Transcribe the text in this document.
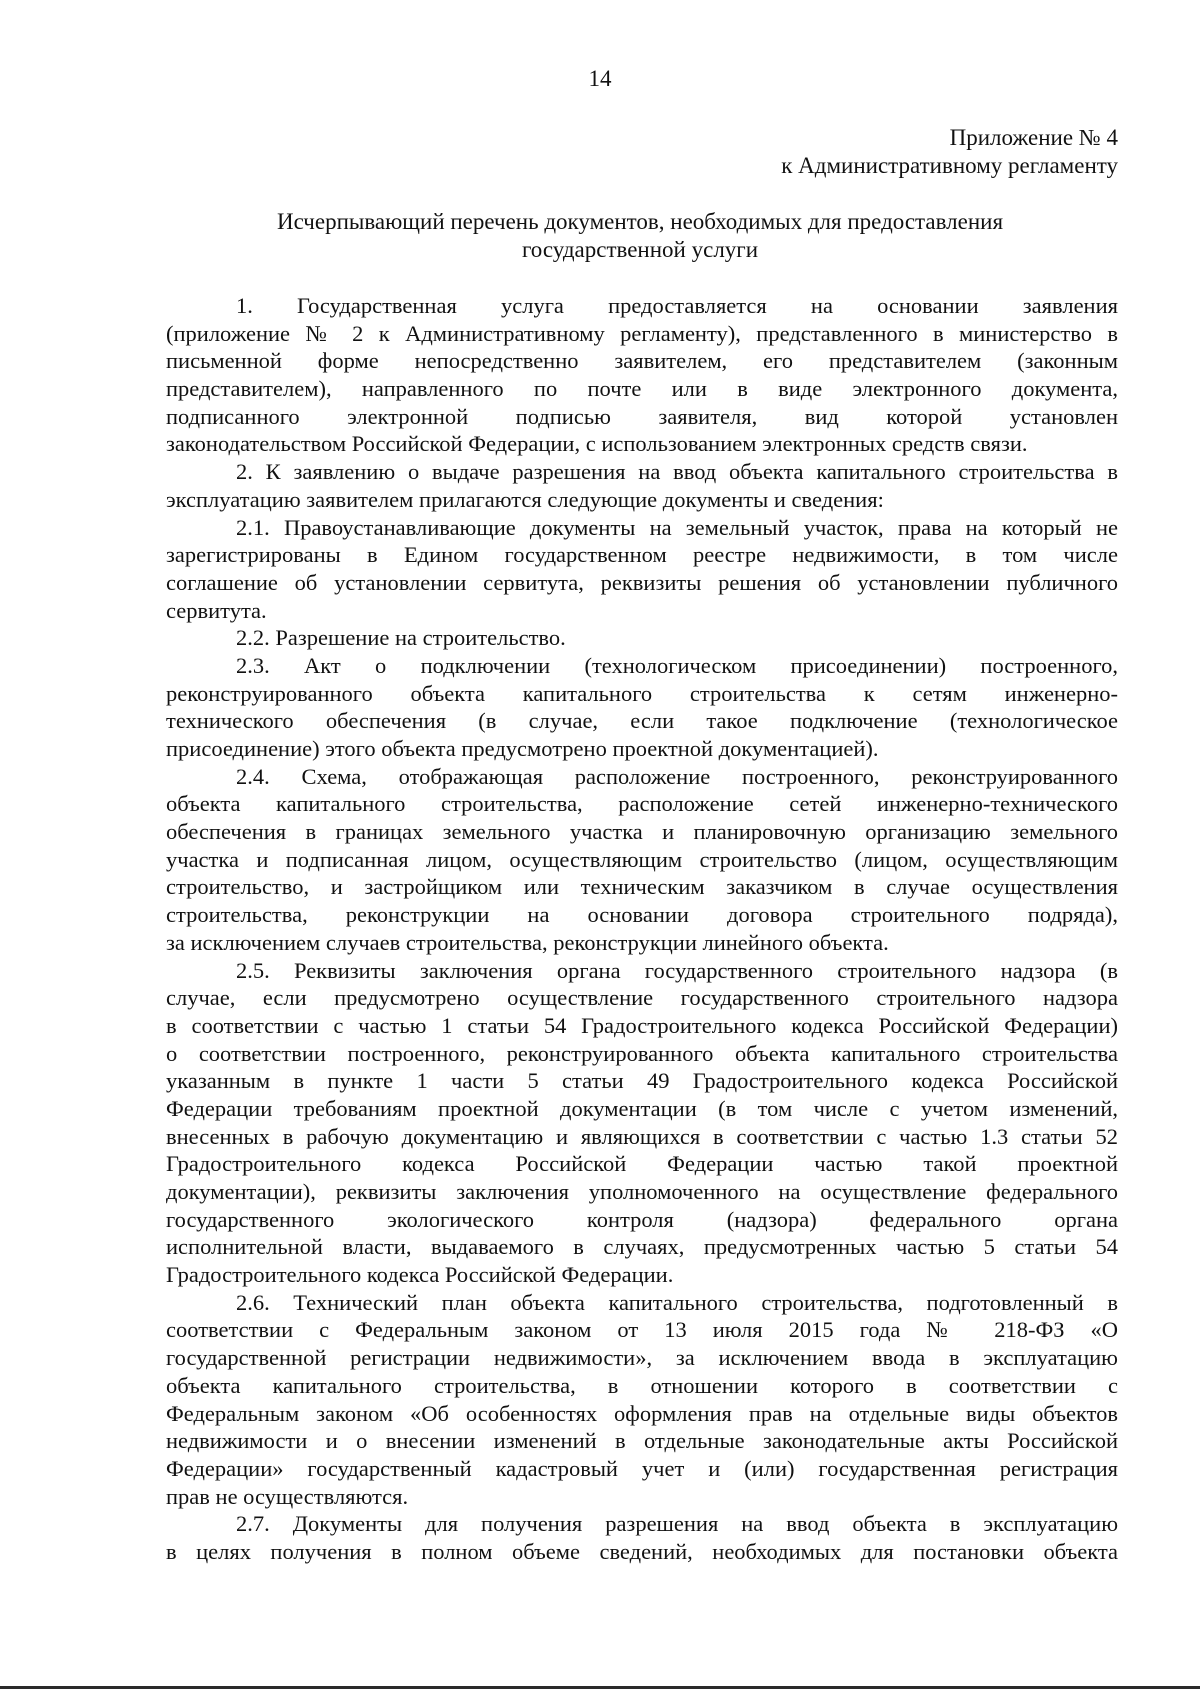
14
Приложение № 4
к Административному регламенту
Исчерпывающий перечень документов, необходимых для предоставления
государственной услуги
1. Государственная услуга предоставляется на основании заявления
(приложение № 2 к Административному регламенту), представленного в министерство в
письменной форме непосредственно заявителем, его представителем (законным
представителем), направленного по почте или в виде электронного документа,
подписанного электронной подписью заявителя, вид которой установлен
законодательством Российской Федерации, с использованием электронных средств связи.
2. К заявлению о выдаче разрешения на ввод объекта капитального строительства в
эксплуатацию заявителем прилагаются следующие документы и сведения:
2.1. Правоустанавливающие документы на земельный участок, права на который не
зарегистрированы в Едином государственном реестре недвижимости, в том числе
соглашение об установлении сервитута, реквизиты решения об установлении публичного
сервитута.
2.2. Разрешение на строительство.
2.3. Акт о подключении (технологическом присоединении) построенного,
реконструированного объекта капитального строительства к сетям инженерно-
технического обеспечения (в случае, если такое подключение (технологическое
присоединение) этого объекта предусмотрено проектной документацией).
2.4. Схема, отображающая расположение построенного, реконструированного
объекта капитального строительства, расположение сетей инженерно-технического
обеспечения в границах земельного участка и планировочную организацию земельного
участка и подписанная лицом, осуществляющим строительство (лицом, осуществляющим
строительство, и застройщиком или техническим заказчиком в случае осуществления
строительства, реконструкции на основании договора строительного подряда),
за исключением случаев строительства, реконструкции линейного объекта.
2.5. Реквизиты заключения органа государственного строительного надзора (в
случае, если предусмотрено осуществление государственного строительного надзора
в соответствии с частью 1 статьи 54 Градостроительного кодекса Российской Федерации)
о соответствии построенного, реконструированного объекта капитального строительства
указанным в пункте 1 части 5 статьи 49 Градостроительного кодекса Российской
Федерации требованиям проектной документации (в том числе с учетом изменений,
внесенных в рабочую документацию и являющихся в соответствии с частью 1.3 статьи 52
Градостроительного кодекса Российской Федерации частью такой проектной
документации), реквизиты заключения уполномоченного на осуществление федерального
государственного экологического контроля (надзора) федерального органа
исполнительной власти, выдаваемого в случаях, предусмотренных частью 5 статьи 54
Градостроительного кодекса Российской Федерации.
2.6. Технический план объекта капитального строительства, подготовленный в
соответствии с Федеральным законом от 13 июля 2015 года № 218-ФЗ «О
государственной регистрации недвижимости», за исключением ввода в эксплуатацию
объекта капитального строительства, в отношении которого в соответствии с
Федеральным законом «Об особенностях оформления прав на отдельные виды объектов
недвижимости и о внесении изменений в отдельные законодательные акты Российской
Федерации» государственный кадастровый учет и (или) государственная регистрация
прав не осуществляются.
2.7. Документы для получения разрешения на ввод объекта в эксплуатацию
в целях получения в полном объеме сведений, необходимых для постановки объекта
